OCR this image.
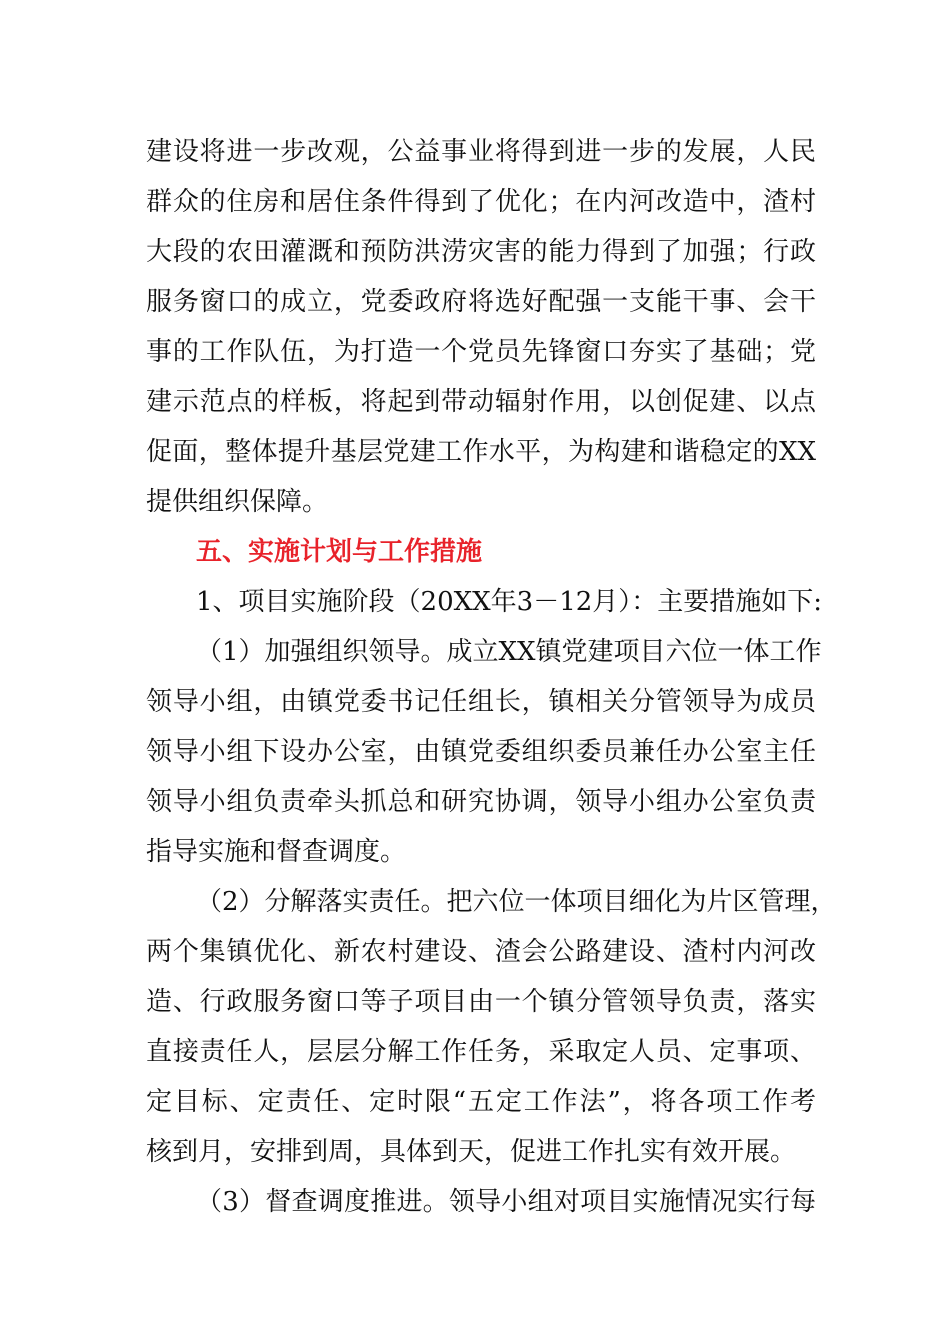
建设将进一步改观，公益事业将得到进一步的发展，人民
群众的住房和居住条件得到了优化；在内河改造中，渣村
大段的农田灌溉和预防洪涝灾害的能力得到了加强；行政
服务窗口的成立，党委政府将选好配强一支能干事、会干
事的工作队伍，为打造一个党员先锋窗口夯实了基础；党
建示范点的样板，将起到带动辐射作用，以创促建、以点
促面，整体提升基层党建工作水平，为构建和谐稳定的XX
提供组织保障。
五、实施计划与工作措施
1、项目实施阶段（20XX年3－12月）：主要措施如下:
（1）加强组织领导。成立XX镇党建项目六位一体工作
领导小组，由镇党委书记任组长，镇相关分管领导为成员
领导小组下设办公室，由镇党委组织委员兼任办公室主任
领导小组负责牵头抓总和研究协调，领导小组办公室负责
指导实施和督查调度。
（2）分解落实责任。把六位一体项目细化为片区管理，
两个集镇优化、新农村建设、渣会公路建设、渣村内河改
造、行政服务窗口等子项目由一个镇分管领导负责，落实
直接责任人，层层分解工作任务，采取定人员、定事项、
定目标、定责任、定时限“五定工作法”，将各项工作考
核到月，安排到周，具体到天，促进工作扎实有效开展。
（3）督查调度推进。领导小组对项目实施情况实行每
